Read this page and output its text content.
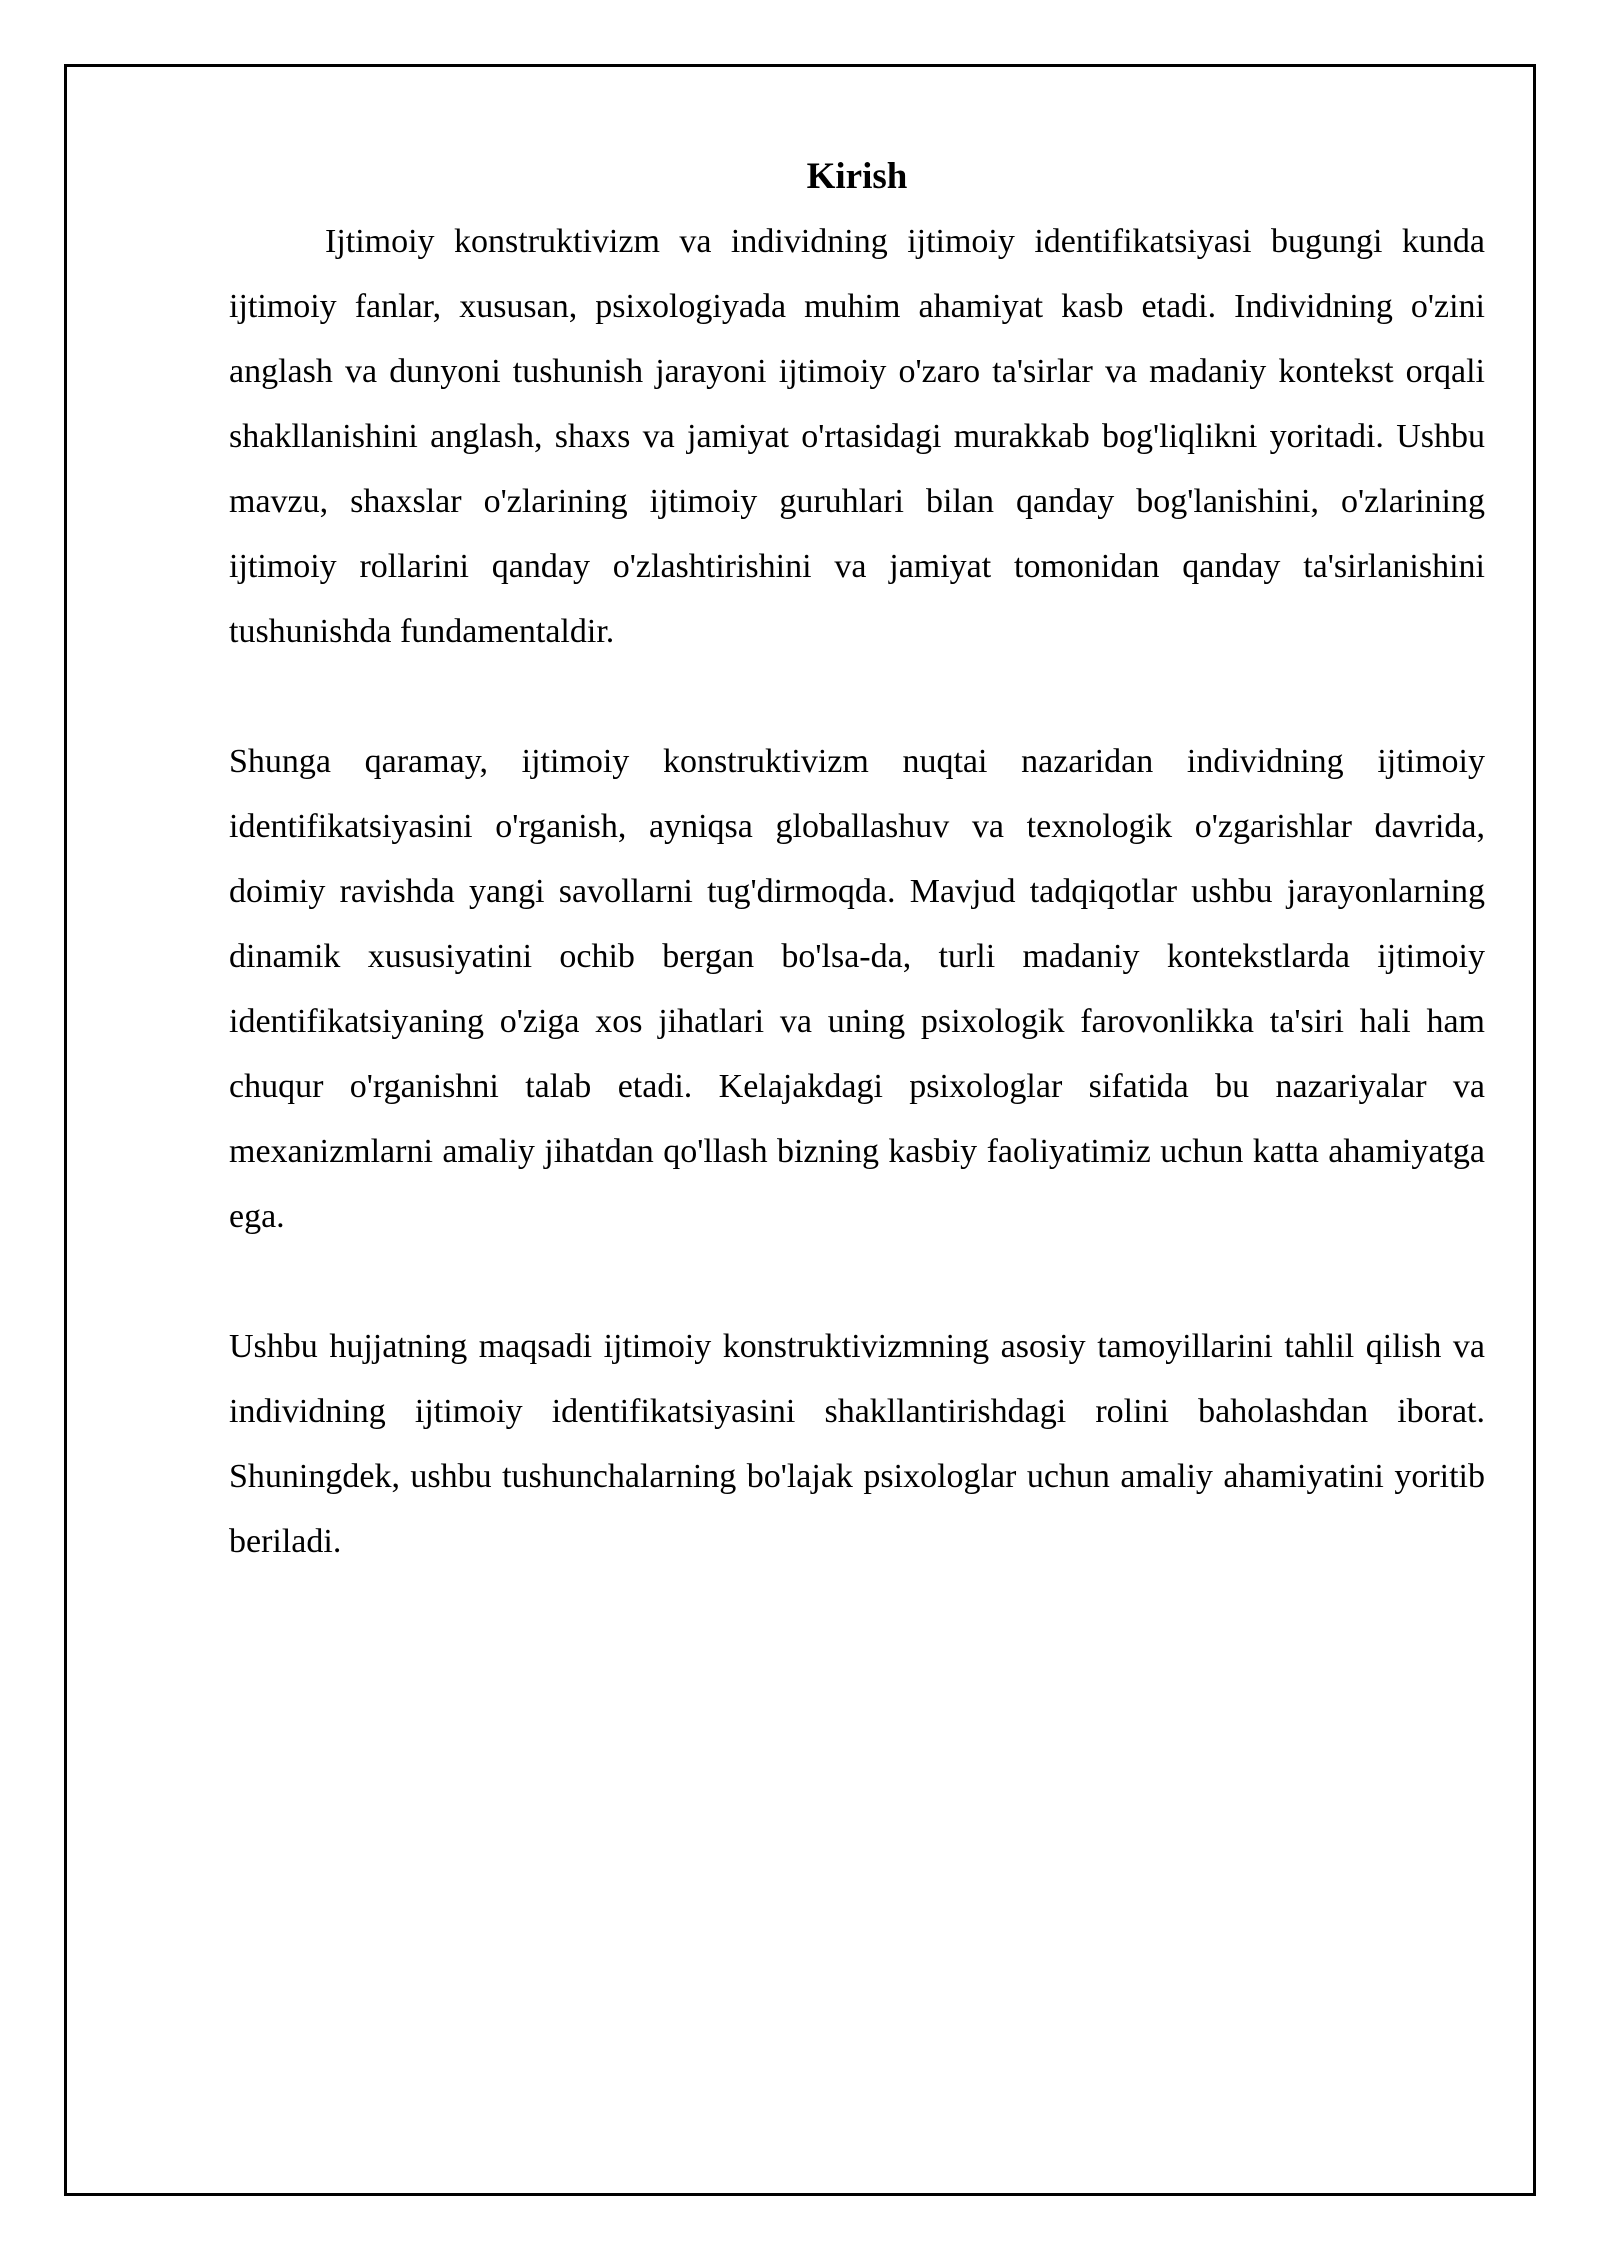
Kirish

Ijtimoiy konstruktivizm va individning ijtimoiy identifikatsiyasi bugungi kunda ijtimoiy fanlar, xususan, psixologiyada muhim ahamiyat kasb etadi. Individning o'zini anglash va dunyoni tushunish jarayoni ijtimoiy o'zaro ta'sirlar va madaniy kontekst orqali shakllanishini anglash, shaxs va jamiyat o'rtasidagi murakkab bog'liqlikni yoritadi. Ushbu mavzu, shaxslar o'zlarining ijtimoiy guruhlari bilan qanday bog'lanishini, o'zlarining ijtimoiy rollarini qanday o'zlashtirishini va jamiyat tomonidan qanday ta'sirlanishini tushunishda fundamentaldir.

Shunga qaramay, ijtimoiy konstruktivizm nuqtai nazaridan individning ijtimoiy identifikatsiyasini o'rganish, ayniqsa globallashuv va texnologik o'zgarishlar davrida, doimiy ravishda yangi savollarni tug'dirmoqda. Mavjud tadqiqotlar ushbu jarayonlarning dinamik xususiyatini ochib bergan bo'lsa-da, turli madaniy kontekstlarda ijtimoiy identifikatsiyaning o'ziga xos jihatlari va uning psixologik farovonlikka ta'siri hali ham chuqur o'rganishni talab etadi. Kelajakdagi psixologlar sifatida bu nazariyalar va mexanizmlarni amaliy jihatdan qo'llash bizning kasbiy faoliyatimiz uchun katta ahamiyatga ega.

Ushbu hujjatning maqsadi ijtimoiy konstruktivizmning asosiy tamoyillarini tahlil qilish va individning ijtimoiy identifikatsiyasini shakllantirishdagi rolini baholashdan iborat. Shuningdek, ushbu tushunchalarning bo'lajak psixologlar uchun amaliy ahamiyatini yoritib beriladi.
